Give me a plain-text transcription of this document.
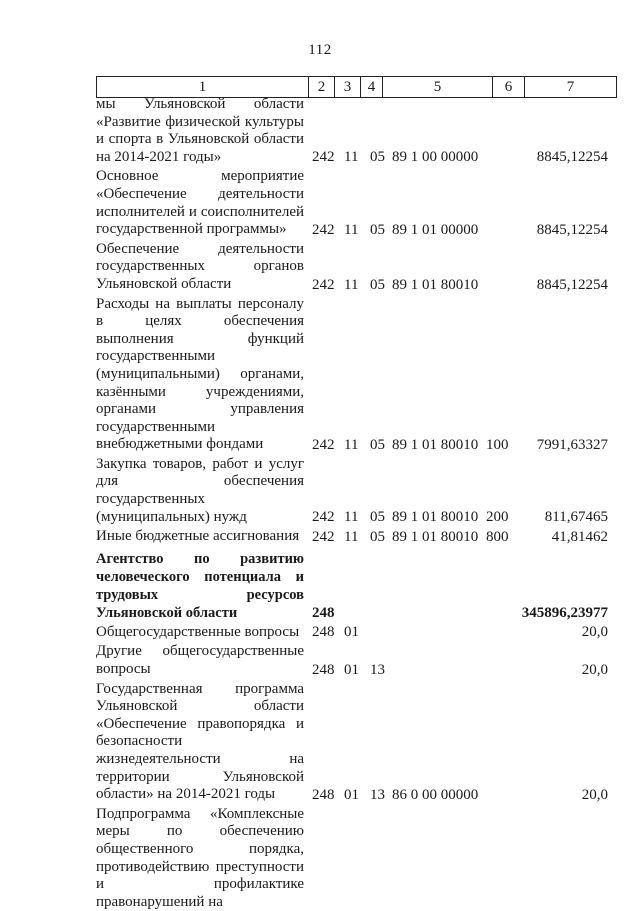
112
1	2	3	4	5	6	7
мы Ульяновской области «Развитие физической культуры и спорта в Ульяновской области на 2014-2021 годы»	242 11 05 89 1 00 00000	8845,12254
Основное мероприятие «Обеспечение деятельности исполнителей и соисполнителей государственной программы»	242 11 05 89 1 01 00000	8845,12254
Обеспечение деятельности государственных органов Ульяновской области	242 11 05 89 1 01 80010	8845,12254
Расходы на выплаты персоналу в целях обеспечения выполнения функций государственными (муниципальными) органами, казёнными учреждениями, органами управления государственными внебюджетными фондами	242 11 05 89 1 01 80010 100	7991,63327
Закупка товаров, работ и услуг для обеспечения государственных (муниципальных) нужд	242 11 05 89 1 01 80010 200	811,67465
Иные бюджетные ассигнования 242 11 05 89 1 01 80010 800	41,81462
Агентство по развитию человеческого потенциала и трудовых ресурсов Ульяновской области	248	345896,23977
Общегосударственные вопросы 248 01	20,0
Другие общегосударственные вопросы	248 01 13	20,0
Государственная программа Ульяновской области «Обеспечение правопорядка и безопасности жизнедеятельности на территории Ульяновской области» на 2014-2021 годы	248 01 13 86 0 00 00000	20,0
Подпрограмма «Комплексные меры по обеспечению общественного порядка, противодействию преступности и профилактике правонарушений на
